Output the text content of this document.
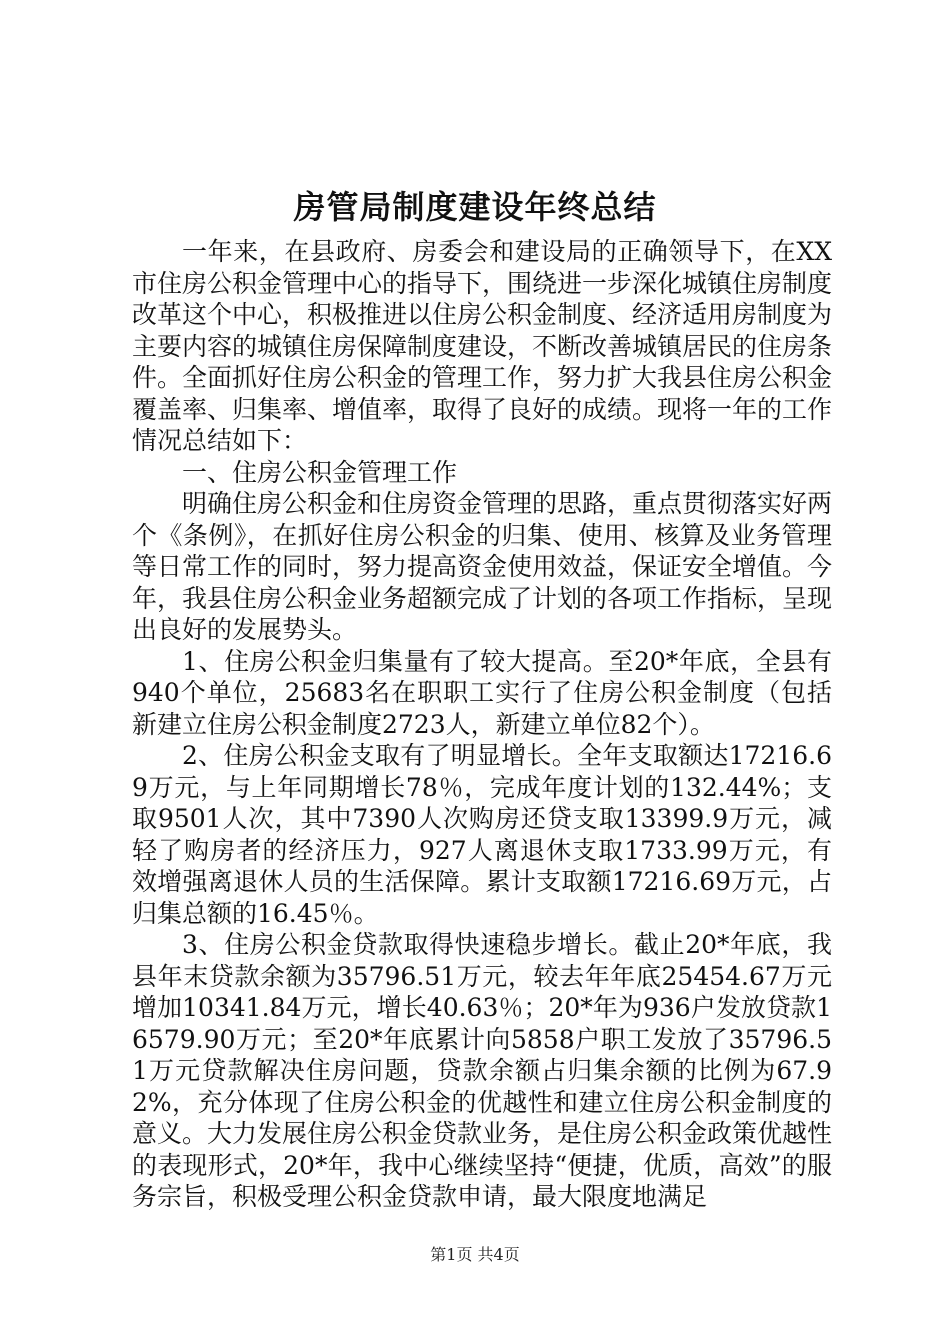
房管局制度建设年终总结

一年来，在县政府、房委会和建设局的正确领导下，在XX市住房公积金管理中心的指导下，围绕进一步深化城镇住房制度改革这个中心，积极推进以住房公积金制度、经济适用房制度为主要内容的城镇住房保障制度建设，不断改善城镇居民的住房条件。全面抓好住房公积金的管理工作，努力扩大我县住房公积金覆盖率、归集率、增值率，取得了良好的成绩。现将一年的工作情况总结如下：

一、住房公积金管理工作

明确住房公积金和住房资金管理的思路，重点贯彻落实好两个《条例》，在抓好住房公积金的归集、使用、核算及业务管理等日常工作的同时，努力提高资金使用效益，保证安全增值。今年，我县住房公积金业务超额完成了计划的各项工作指标，呈现出良好的发展势头。

1、住房公积金归集量有了较大提高。至20*年底，全县有940个单位，25683名在职职工实行了住房公积金制度（包括新建立住房公积金制度2723人，新建立单位82个）。

2、住房公积金支取有了明显增长。全年支取额达17216.69万元，与上年同期增长78％，完成年度计划的132.44%；支取9501人次，其中7390人次购房还贷支取13399.9万元，减轻了购房者的经济压力，927人离退休支取1733.99万元，有效增强离退休人员的生活保障。累计支取额17216.69万元，占归集总额的16.45％。

3、住房公积金贷款取得快速稳步增长。截止20*年底，我县年末贷款余额为35796.51万元，较去年年底25454.67万元增加10341.84万元，增长40.63％；20*年为936户发放贷款16579.90万元；至20*年底累计向5858户职工发放了35796.51万元贷款解决住房问题，贷款余额占归集余额的比例为67.92%，充分体现了住房公积金的优越性和建立住房公积金制度的意义。大力发展住房公积金贷款业务，是住房公积金政策优越性的表现形式，20*年，我中心继续坚持“便捷，优质，高效”的服务宗旨，积极受理公积金贷款申请，最大限度地满足

第1页 共4页
